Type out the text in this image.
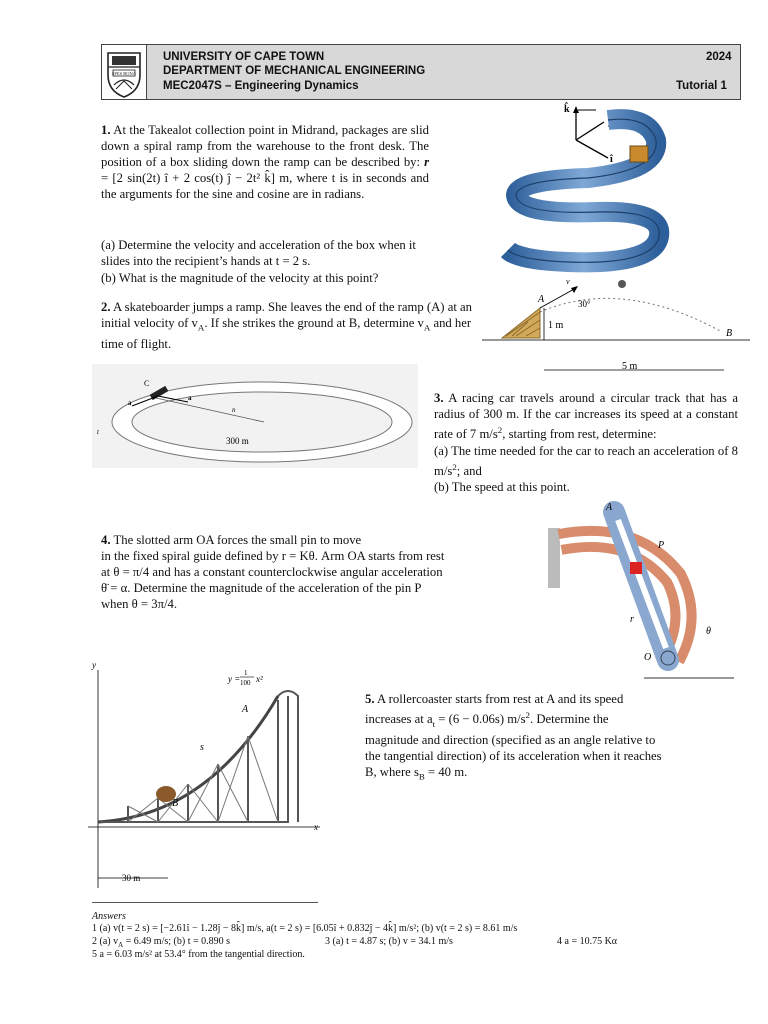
SPES BONA
UNIVERSITY OF CAPE TOWN
DEPARTMENT OF MECHANICAL ENGINEERING
MEC2047S – Engineering Dynamics
2024
Tutorial 1
1. At the Takealot collection point in Midrand, packages are slid down a spiral ramp from the warehouse to the front desk. The position of a box sliding down the ramp can be described by: r = [2 sin(2t) î + 2 cos(t) ĵ − 2t² k̂] m, where t is in seconds and the arguments for the sine and cosine are in radians.
(a) Determine the velocity and acceleration of the box when it slides into the recipient’s hands at t = 2 s.
(b) What is the magnitude of the velocity at this point?
k̂
ĵ
î
2. A skateboarder jumps a ramp. She leaves the end of the ramp (A) at an initial velocity of $v_A$. If she strikes the ground at B, determine $v_A$ and her time of flight.
A
v
30°
1 m
B
5 m
C
a
a
n
t
300 m
3. A racing car travels around a circular track that has a radius of 300 m. If the car increases its speed at a constant rate of 7 $m/s^2$, starting from rest, determine:
(a) The time needed for the car to reach an acceleration of 8 $m/s^2$; and
(b) The speed at this point.
4. The slotted arm OA forces the small pin to move
in the fixed spiral guide defined by r = Kθ. Arm OA starts from rest
at θ = π/4 and has a constant counterclockwise angular acceleration
θ̈ = α. Determine the magnitude of the acceleration of the pin P
when θ = 3π/4.
A
P
O
r
θ
y
x
A
B
s
y =
1
100 x²
30 m
5. A rollercoaster starts from rest at A and its speed
increases at $a_t = (6 - 0.06s)$ $m/s^2$. Determine the
magnitude and direction (specified as an angle relative to
the tangential direction) of its acceleration when it reaches
B, where $s_B = 40$ m.
Answers
1 (a) v(t = 2 s) = [−2.61î − 1.28ĵ − 8k̂] m/s, a(t = 2 s) = [6.05î + 0.832ĵ − 4k̂] m/s²; (b) v(t = 2 s) = 8.61 m/s
2 (a) $v_A = 6.49$ m/s; (b) t = 0.890 s	3 (a) t = 4.87 s; (b) v = 34.1 m/s	4 a = 10.75 Kα
5 a = 6.03 m/s² at 53.4° from the tangential direction.
